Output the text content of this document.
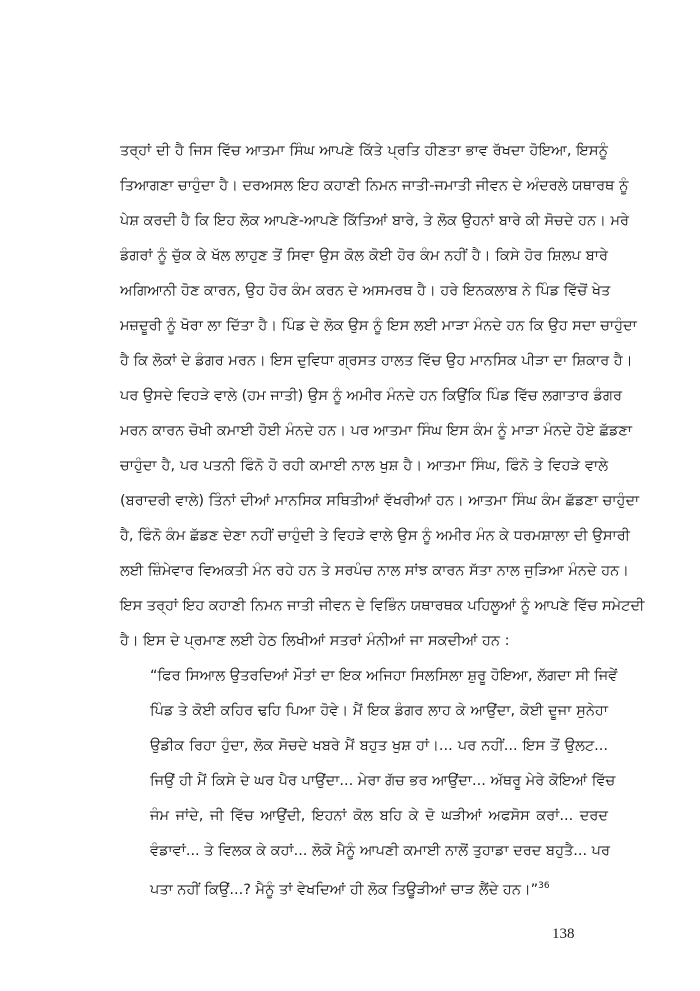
ਤਰ੍ਹਾਂ ਦੀ ਹੈ ਜਿਸ ਵਿੱਚ ਆਤਮਾ ਸਿੰਘ ਆਪਣੇ ਕਿੱਤੇ ਪ੍ਰਤਿ ਹੀਣਤਾ ਭਾਵ ਰੱਖਦਾ ਹੋਇਆ, ਇਸਨੂੰ
ਤਿਆਗਣਾ ਚਾਹੁੰਦਾ ਹੈ। ਦਰਅਸਲ ਇਹ ਕਹਾਣੀ ਨਿਮਨ ਜਾਤੀ-ਜਮਾਤੀ ਜੀਵਨ ਦੇ ਅੰਦਰਲੇ ਯਥਾਰਥ ਨੂੰ
ਪੇਸ਼ ਕਰਦੀ ਹੈ ਕਿ ਇਹ ਲੋਕ ਆਪਣੇ-ਆਪਣੇ ਕਿੱਤਿਆਂ ਬਾਰੇ, ਤੇ ਲੋਕ ਉਹਨਾਂ ਬਾਰੇ ਕੀ ਸੋਚਦੇ ਹਨ। ਮਰੇ
ਡੰਗਰਾਂ ਨੂੰ ਚੁੱਕ ਕੇ ਖੱਲ ਲਾਹੁਣ ਤੋਂ ਸਿਵਾ ਉਸ ਕੋਲ ਕੋਈ ਹੋਰ ਕੰਮ ਨਹੀਂ ਹੈ। ਕਿਸੇ ਹੋਰ ਸ਼ਿਲਪ ਬਾਰੇ
ਅਗਿਆਨੀ ਹੋਣ ਕਾਰਨ, ਉਹ ਹੋਰ ਕੰਮ ਕਰਨ ਦੇ ਅਸਮਰਥ ਹੈ। ਹਰੇ ਇਨਕਲਾਬ ਨੇ ਪਿੰਡ ਵਿੱਚੋਂ ਖੇਤ
ਮਜ਼ਦੂਰੀ ਨੂੰ ਖੋਰਾ ਲਾ ਦਿੱਤਾ ਹੈ। ਪਿੰਡ ਦੇ ਲੋਕ ਉਸ ਨੂੰ ਇਸ ਲਈ ਮਾੜਾ ਮੰਨਦੇ ਹਨ ਕਿ ਉਹ ਸਦਾ ਚਾਹੁੰਦਾ
ਹੈ ਕਿ ਲੋਕਾਂ ਦੇ ਡੰਗਰ ਮਰਨ। ਇਸ ਦੁਵਿਧਾ ਗ੍ਰਸਤ ਹਾਲਤ ਵਿੱਚ ਉਹ ਮਾਨਸਿਕ ਪੀੜਾ ਦਾ ਸ਼ਿਕਾਰ ਹੈ।
ਪਰ ਉਸਦੇ ਵਿਹੜੇ ਵਾਲੇ (ਹਮ ਜਾਤੀ) ਉਸ ਨੂੰ ਅਮੀਰ ਮੰਨਦੇ ਹਨ ਕਿਉਂਕਿ ਪਿੰਡ ਵਿੱਚ ਲਗਾਤਾਰ ਡੰਗਰ
ਮਰਨ ਕਾਰਨ ਚੋਖੀ ਕਮਾਈ ਹੋਈ ਮੰਨਦੇ ਹਨ। ਪਰ ਆਤਮਾ ਸਿੰਘ ਇਸ ਕੰਮ ਨੂੰ ਮਾੜਾ ਮੰਨਦੇ ਹੋਏ ਛੱਡਣਾ
ਚਾਹੁੰਦਾ ਹੈ, ਪਰ ਪਤਨੀ ਫਿੰਨੋ ਹੋ ਰਹੀ ਕਮਾਈ ਨਾਲ ਖੁਸ਼ ਹੈ। ਆਤਮਾ ਸਿੰਘ, ਫਿੰਨੋ ਤੇ ਵਿਹੜੇ ਵਾਲੇ
(ਬਰਾਦਰੀ ਵਾਲੇ) ਤਿੰਨਾਂ ਦੀਆਂ ਮਾਨਸਿਕ ਸਥਿਤੀਆਂ ਵੱਖਰੀਆਂ ਹਨ। ਆਤਮਾ ਸਿੰਘ ਕੰਮ ਛੱਡਣਾ ਚਾਹੁੰਦਾ
ਹੈ, ਫਿੰਨੋ ਕੰਮ ਛੱਡਣ ਦੇਣਾ ਨਹੀਂ ਚਾਹੁੰਦੀ ਤੇ ਵਿਹੜੇ ਵਾਲੇ ਉਸ ਨੂੰ ਅਮੀਰ ਮੰਨ ਕੇ ਧਰਮਸ਼ਾਲਾ ਦੀ ਉਸਾਰੀ
ਲਈ ਜ਼ਿੰਮੇਵਾਰ ਵਿਅਕਤੀ ਮੰਨ ਰਹੇ ਹਨ ਤੇ ਸਰਪੰਚ ਨਾਲ ਸਾਂਝ ਕਾਰਨ ਸੱਤਾ ਨਾਲ ਜੁੜਿਆ ਮੰਨਦੇ ਹਨ।
ਇਸ ਤਰ੍ਹਾਂ ਇਹ ਕਹਾਣੀ ਨਿਮਨ ਜਾਤੀ ਜੀਵਨ ਦੇ ਵਿਭਿੰਨ ਯਥਾਰਥਕ ਪਹਿਲੂਆਂ ਨੂੰ ਆਪਣੇ ਵਿੱਚ ਸਮੇਟਦੀ
ਹੈ। ਇਸ ਦੇ ਪ੍ਰਮਾਣ ਲਈ ਹੇਠ ਲਿਖੀਆਂ ਸਤਰਾਂ ਮੰਨੀਆਂ ਜਾ ਸਕਦੀਆਂ ਹਨ :
“ਫਿਰ ਸਿਆਲ ਉਤਰਦਿਆਂ ਮੌਤਾਂ ਦਾ ਇਕ ਅਜਿਹਾ ਸਿਲਸਿਲਾ ਸ਼ੁਰੂ ਹੋਇਆ, ਲੱਗਦਾ ਸੀ ਜਿਵੇਂ
ਪਿੰਡ ਤੇ ਕੋਈ ਕਹਿਰ ਢਹਿ ਪਿਆ ਹੋਵੇ। ਮੈਂ ਇਕ ਡੰਗਰ ਲਾਹ ਕੇ ਆਉਂਦਾ, ਕੋਈ ਦੂਜਾ ਸੁਨੇਹਾ
ਉਡੀਕ ਰਿਹਾ ਹੁੰਦਾ, ਲੋਕ ਸੋਚਦੇ ਖਬਰੇ ਮੈਂ ਬਹੁਤ ਖੁਸ਼ ਹਾਂ।... ਪਰ ਨਹੀਂ... ਇਸ ਤੋਂ ਉਲਟ...
ਜਿਉਂ ਹੀ ਮੈਂ ਕਿਸੇ ਦੇ ਘਰ ਪੈਰ ਪਾਉਂਦਾ... ਮੇਰਾ ਗੱਚ ਭਰ ਆਉਂਦਾ... ਅੱਥਰੂ ਮੇਰੇ ਕੋਇਆਂ ਵਿੱਚ
ਜੰਮ ਜਾਂਦੇ, ਜੀ ਵਿੱਚ ਆਉਂਦੀ, ਇਹਨਾਂ ਕੋਲ ਬਹਿ ਕੇ ਦੋ ਘੜੀਆਂ ਅਫਸੋਸ ਕਰਾਂ... ਦਰਦ
ਵੰਡਾਵਾਂ... ਤੇ ਵਿਲਕ ਕੇ ਕਹਾਂ... ਲੋਕੋ ਮੈਨੂੰ ਆਪਣੀ ਕਮਾਈ ਨਾਲੋਂ ਤੁਹਾਡਾ ਦਰਦ ਬਹੁਤੈ... ਪਰ
ਪਤਾ ਨਹੀਂ ਕਿਉਂ...? ਮੈਨੂੰ ਤਾਂ ਵੇਖਦਿਆਂ ਹੀ ਲੋਕ ਤਿਊੜੀਆਂ ਚਾੜ ਲੈਂਦੇ ਹਨ।”$^{36}$
138
